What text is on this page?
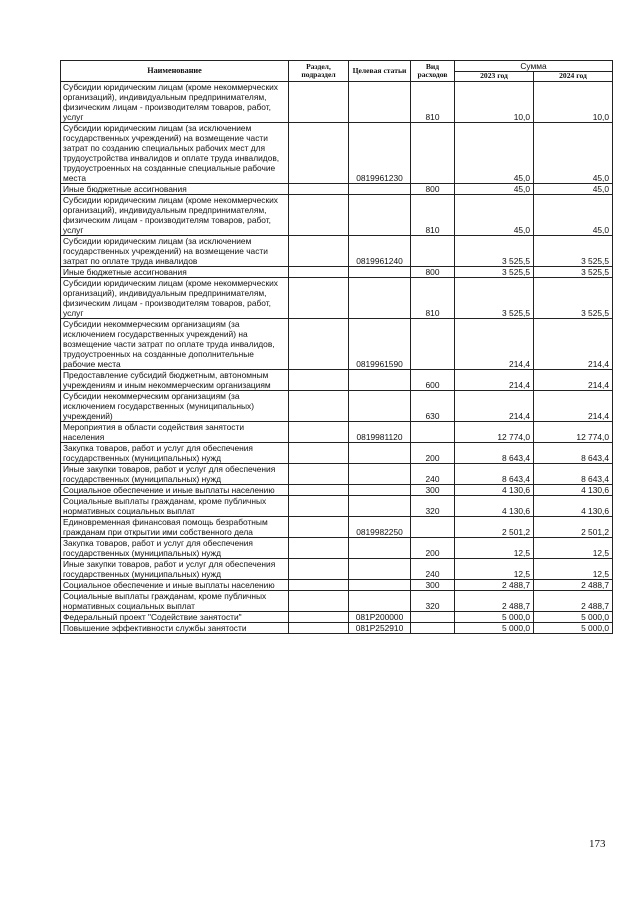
Наименование	Раздел, подраздел	Целевая статьи	Вид расходов	Сумма	
				2023 год	2024 год
Субсидии юридическим лицам (кроме некоммерческих организаций), индивидуальным предпринимателям, физическим лицам - производителям товаров, работ, услуг			810	10,0	10,0
Субсидии юридическим лицам (за исключением государственных учреждений) на возмещение части затрат по созданию специальных рабочих мест для трудоустройства инвалидов и оплате труда инвалидов, трудоустроенных на созданные специальные рабочие места		0819961230		45,0	45,0
Иные бюджетные ассигнования			800	45,0	45,0
Субсидии юридическим лицам (кроме некоммерческих организаций), индивидуальным предпринимателям, физическим лицам - производителям товаров, работ, услуг			810	45,0	45,0
Субсидии юридическим лицам (за исключением государственных учреждений) на возмещение части затрат по оплате труда инвалидов		0819961240		3 525,5	3 525,5
Иные бюджетные ассигнования			800	3 525,5	3 525,5
Субсидии юридическим лицам (кроме некоммерческих организаций), индивидуальным предпринимателям, физическим лицам - производителям товаров, работ, услуг			810	3 525,5	3 525,5
Субсидии некоммерческим организациям (за исключением государственных учреждений) на возмещение части затрат по оплате труда инвалидов, трудоустроенных на созданные дополнительные рабочие места		0819961590		214,4	214,4
Предоставление субсидий бюджетным, автономным учреждениям и иным некоммерческим организациям			600	214,4	214,4
Субсидии некоммерческим организациям (за исключением государственных (муниципальных) учреждений)			630	214,4	214,4
Мероприятия в области содействия занятости населения		0819981120		12 774,0	12 774,0
Закупка товаров, работ и услуг для обеспечения государственных (муниципальных) нужд			200	8 643,4	8 643,4
Иные закупки товаров, работ и услуг для обеспечения государственных (муниципальных) нужд			240	8 643,4	8 643,4
Социальное обеспечение и иные выплаты населению			300	4 130,6	4 130,6
Социальные выплаты гражданам, кроме публичных нормативных социальных выплат			320	4 130,6	4 130,6
Единовременная финансовая помощь безработным гражданам при открытии ими собственного дела		0819982250		2 501,2	2 501,2
Закупка товаров, работ и услуг для обеспечения государственных (муниципальных) нужд			200	12,5	12,5
Иные закупки товаров, работ и услуг для обеспечения государственных (муниципальных) нужд			240	12,5	12,5
Социальное обеспечение и иные выплаты населению			300	2 488,7	2 488,7
Социальные выплаты гражданам, кроме публичных нормативных социальных выплат			320	2 488,7	2 488,7
Федеральный проект "Содействие занятости"		081P200000		5 000,0	5 000,0
Повышение эффективности службы занятости		081P252910		5 000,0	5 000,0
173
